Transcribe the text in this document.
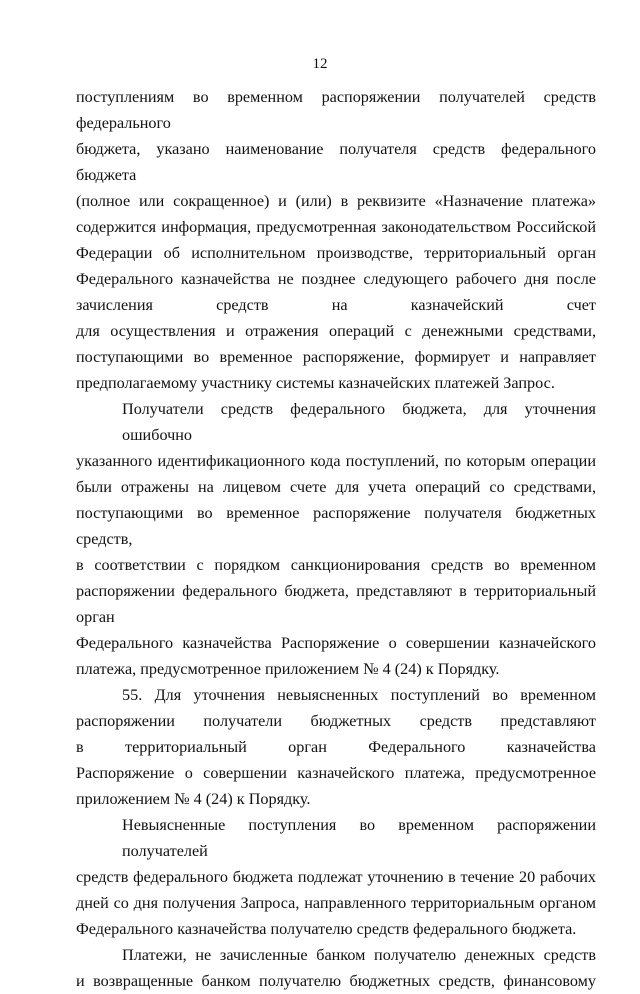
12
поступлениям во временном распоряжении получателей средств федерального
бюджета, указано наименование получателя средств федерального бюджета
(полное или сокращенное) и (или) в реквизите «Назначение платежа»
содержится информация, предусмотренная законодательством Российской
Федерации об исполнительном производстве, территориальный орган
Федерального казначейства не позднее следующего рабочего дня после
зачисления средств на казначейский счет
для осуществления и отражения операций с денежными средствами,
поступающими во временное распоряжение, формирует и направляет
предполагаемому участнику системы казначейских платежей Запрос.
Получатели средств федерального бюджета, для уточнения ошибочно
указанного идентификационного кода поступлений, по которым операции
были отражены на лицевом счете для учета операций со средствами,
поступающими во временное распоряжение получателя бюджетных средств,
в соответствии с порядком санкционирования средств во временном
распоряжении федерального бюджета, представляют в территориальный орган
Федерального казначейства Распоряжение о совершении казначейского
платежа, предусмотренное приложением № 4 (24) к Порядку.
55. Для уточнения невыясненных поступлений во временном
распоряжении получатели бюджетных средств представляют
в территориальный орган Федерального казначейства
Распоряжение о совершении казначейского платежа, предусмотренное
приложением № 4 (24) к Порядку.
Невыясненные поступления во временном распоряжении получателей
средств федерального бюджета подлежат уточнению в течение 20 рабочих
дней со дня получения Запроса, направленного территориальным органом
Федерального казначейства получателю средств федерального бюджета.
Платежи, не зачисленные банком получателю денежных средств
и возвращенные банком получателю бюджетных средств, финансовому
